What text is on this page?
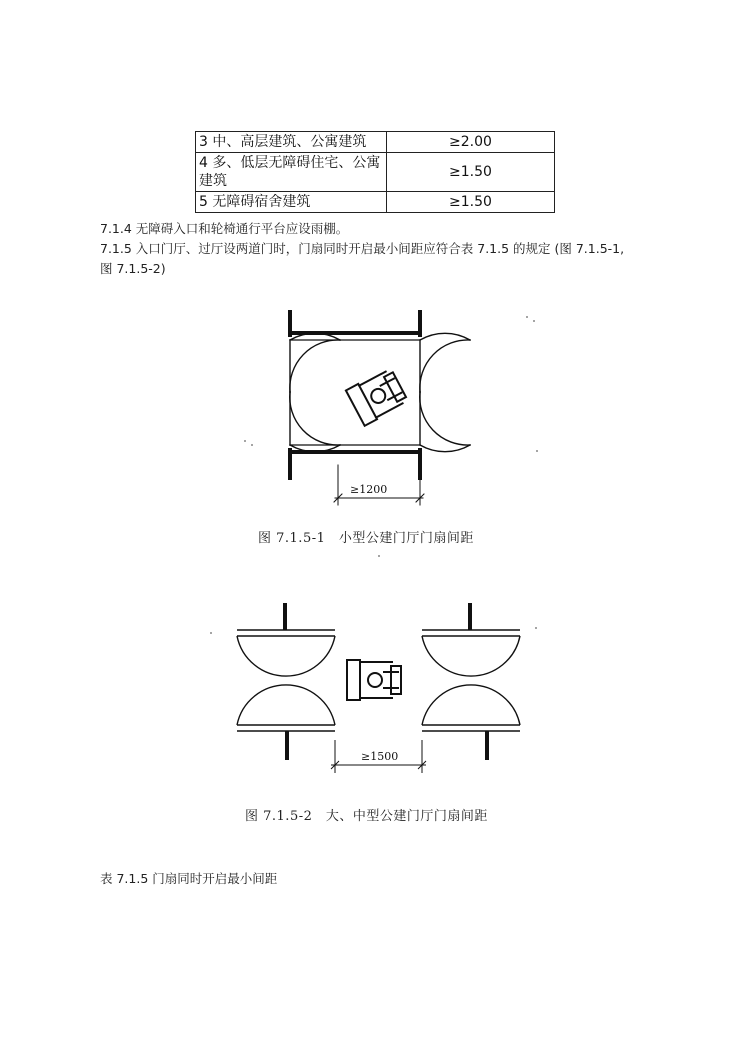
3 中、高层建筑、公寓建筑	≥2.00
4 多、低层无障碍住宅、公寓建筑	≥1.50
5 无障碍宿舍建筑	≥1.50
7.1.4 无障碍入口和轮椅通行平台应设雨棚。
7.1.5 入口门厅、过厅设两道门时，门扇同时开启最小间距应符合表 7.1.5 的规定 (图 7.1.5-1, 图 7.1.5-2)
≥1200
图 7.1.5-1　小型公建门厅门扇间距
≥1500
图 7.1.5-2　大、中型公建门厅门扇间距
表 7.1.5 门扇同时开启最小间距
